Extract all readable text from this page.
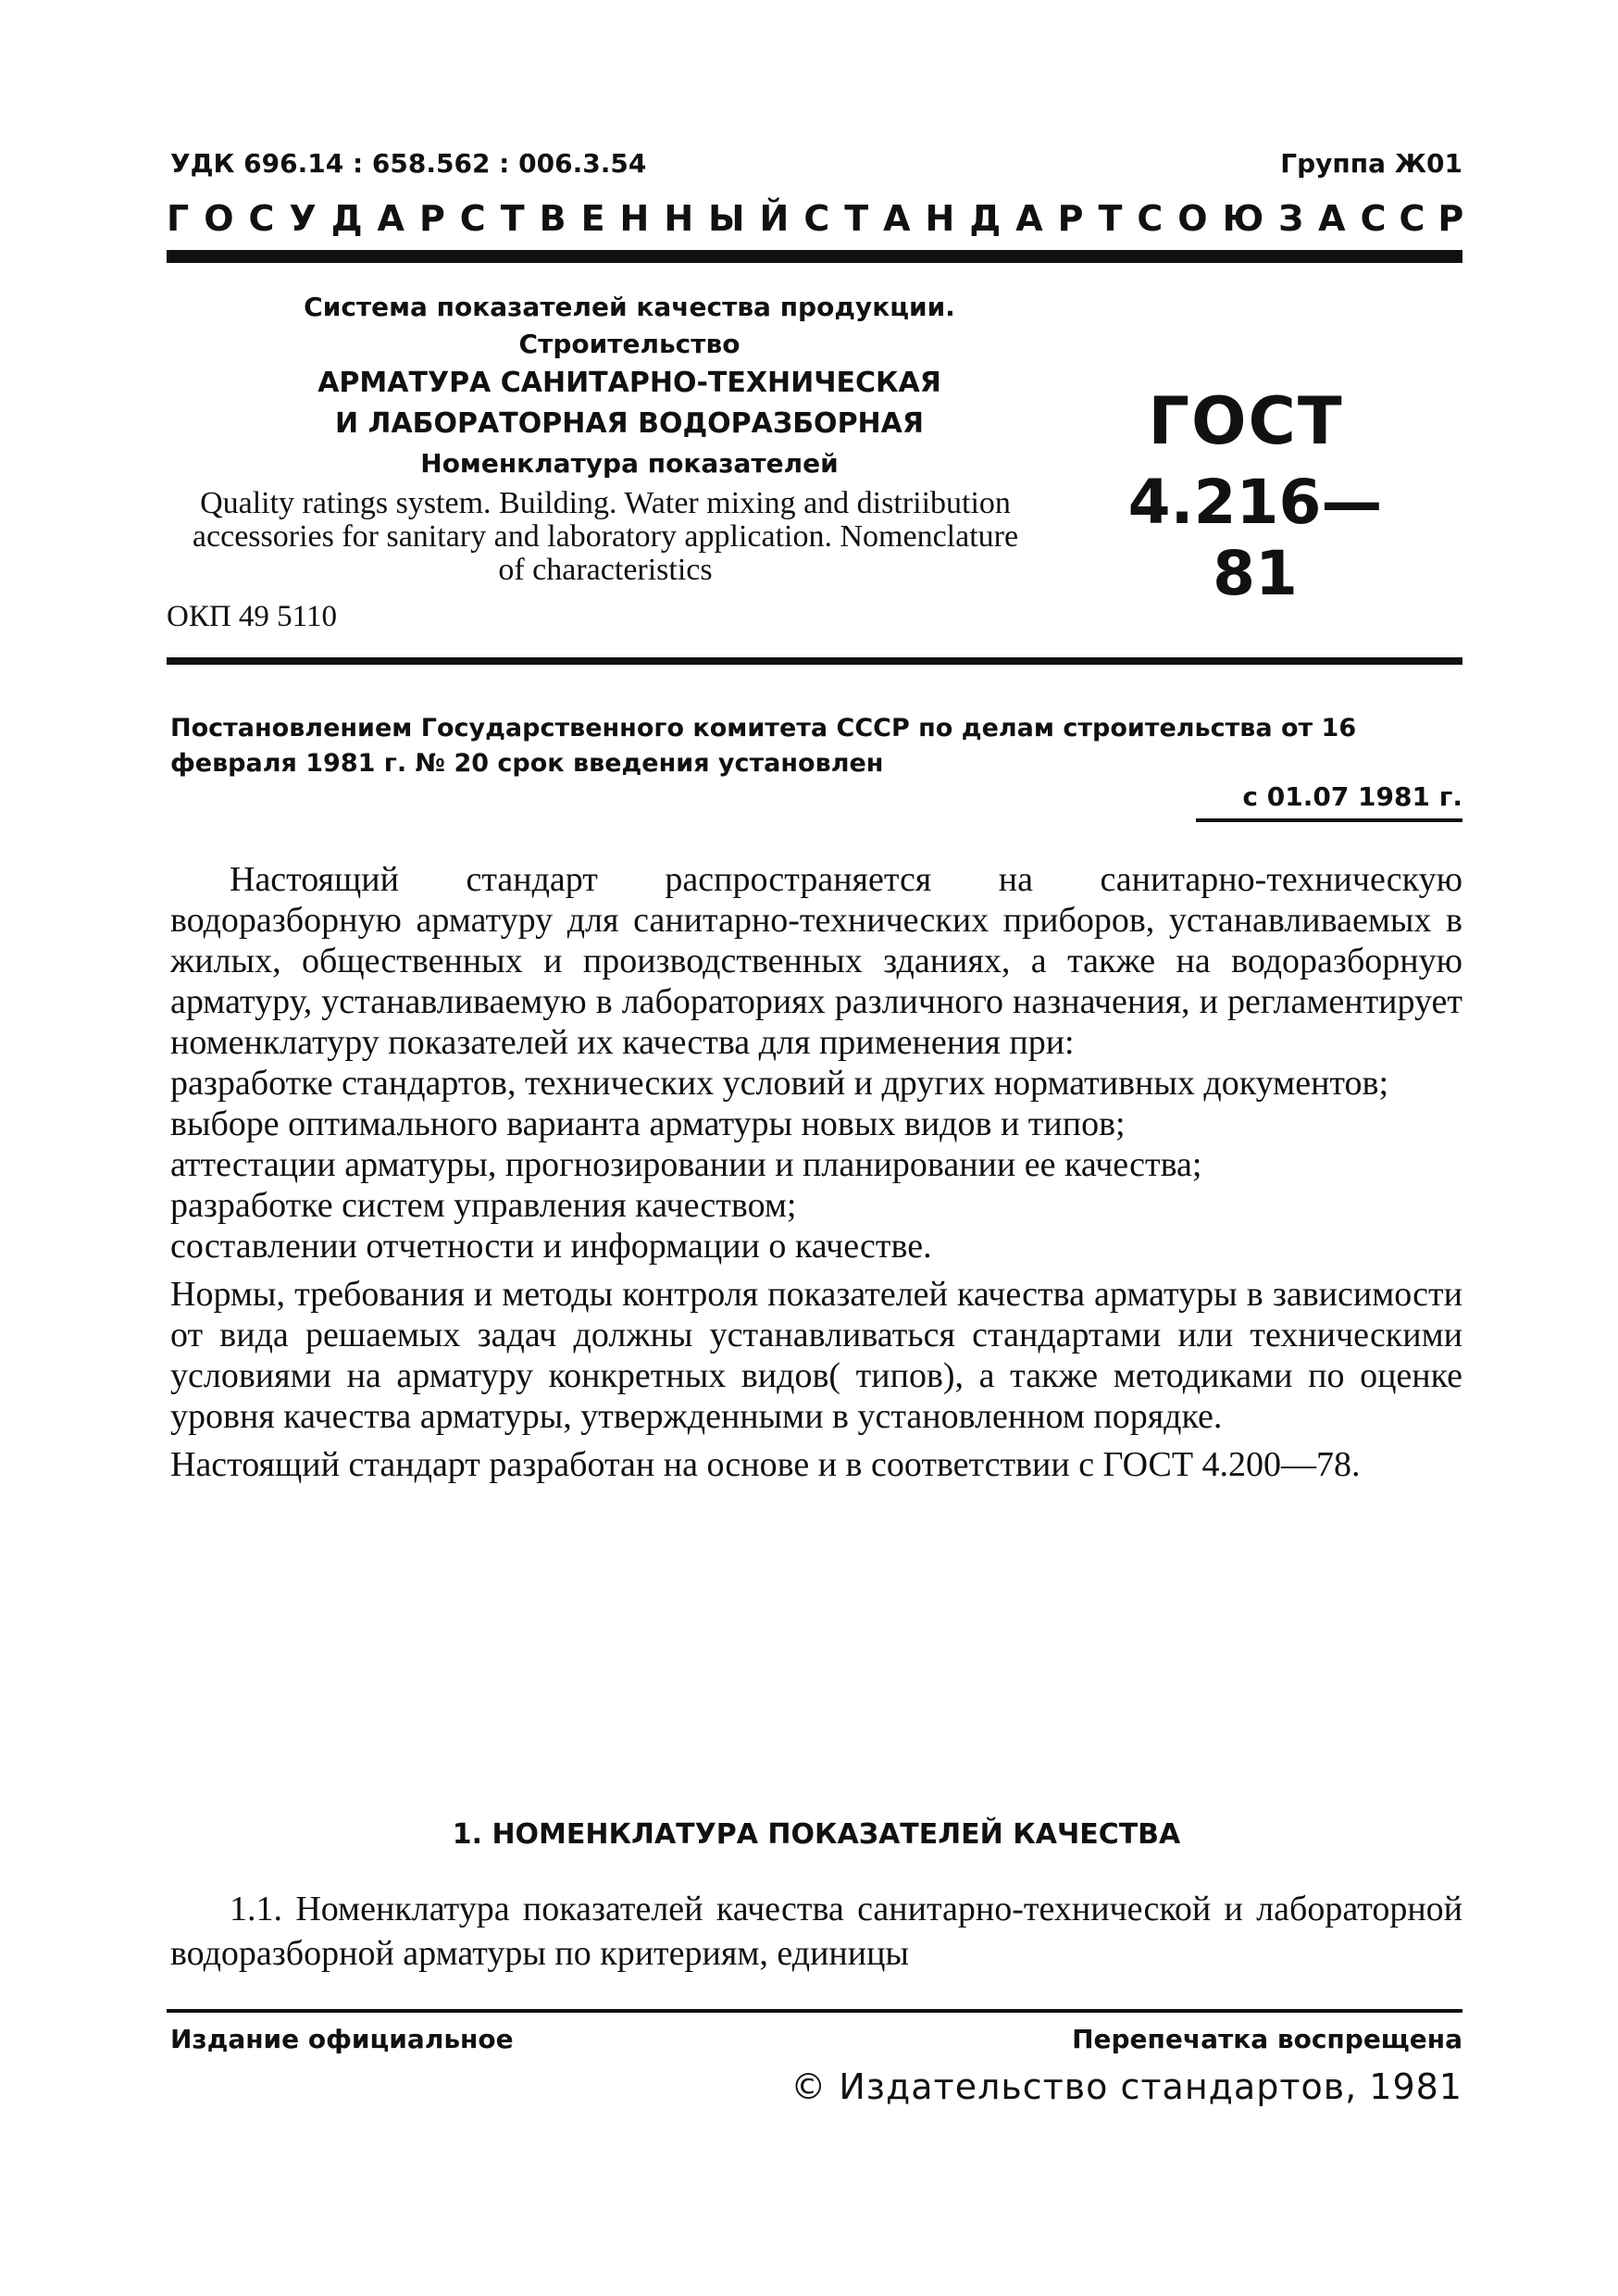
УДК 696.14 : 658.562 : 006.3.54	Группа Ж01
ГОСУДАРСТВЕННЫЙ СТАНДАРТ СОЮЗА ССР
Система показателей качества продукции.
Строительство
АРМАТУРА САНИТАРНО-ТЕХНИЧЕСКАЯ
И ЛАБОРАТОРНАЯ ВОДОРАЗБОРНАЯ
Номенклатура показателей
Quality ratings system. Building. Water mixing and distriibution accessories for sanitary and laboratory application. Nomenclature of characteristics
ОКП 49 5110
ГОСТ
4.216—81
Постановлением Государственного комитета СССР по делам строительства от 16 февраля 1981 г. № 20 срок введения установлен
с 01.07 1981 г.

Настоящий стандарт распространяется на санитарно-техническую водоразборную арматуру для санитарно-технических приборов, устанавливаемых в жилых, общественных и производственных зданиях, а также на водоразборную арматуру, устанавливаемую в лабораториях различного назначения, и регламентирует номенклатуру показателей их качества для применения при:

разработке стандартов, технических условий и других нормативных документов;

выборе оптимального варианта арматуры новых видов и типов;

аттестации арматуры, прогнозировании и планировании ее качества;

разработке систем управления качеством;

составлении отчетности и информации о качестве.

Нормы, требования и методы контроля показателей качества арматуры в зависимости от вида решаемых задач должны устанавливаться стандартами или техническими условиями на арматуру конкретных видов( типов), а также методиками по оценке уровня качества арматуры, утвержденными в установленном порядке.

Настоящий стандарт разработан на основе и в соответствии с ГОСТ 4.200—78.

1. НОМЕНКЛАТУРА ПОКАЗАТЕЛЕЙ КАЧЕСТВА

1.1. Номенклатура показателей качества санитарно-технической и лабораторной водоразборной арматуры по критериям, единицы

Издание официальное	Перепечатка воспрещена
© Издательство стандартов, 1981
